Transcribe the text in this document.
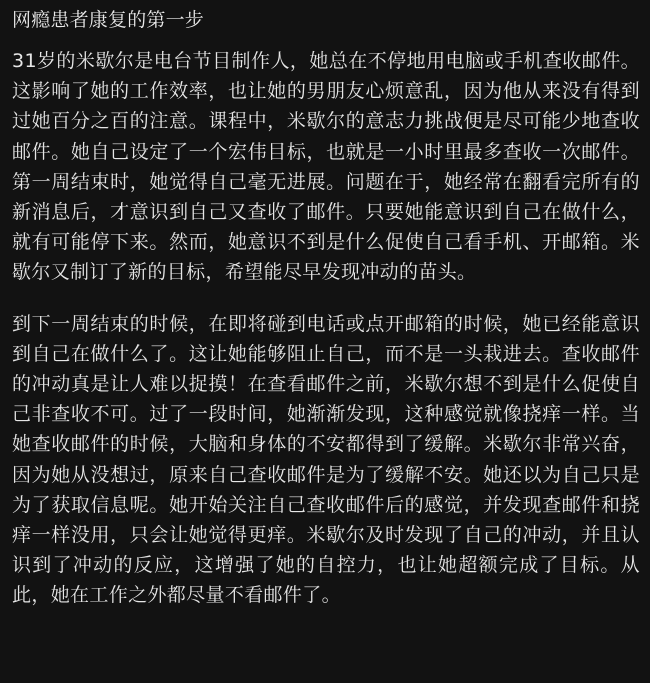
网瘾患者康复的第一步

31岁的米歇尔是电台节目制作人，她总在不停地用电脑或手机查收邮件。这影响了她的工作效率，也让她的男朋友心烦意乱，因为他从来没有得到过她百分之百的注意。课程中，米歇尔的意志力挑战便是尽可能少地查收邮件。她自己设定了一个宏伟目标，也就是一小时里最多查收一次邮件。第一周结束时，她觉得自己毫无进展。问题在于，她经常在翻看完所有的新消息后，才意识到自己又查收了邮件。只要她能意识到自己在做什么，就有可能停下来。然而，她意识不到是什么促使自己看手机、开邮箱。米歇尔又制订了新的目标，希望能尽早发现冲动的苗头。

到下一周结束的时候，在即将碰到电话或点开邮箱的时候，她已经能意识到自己在做什么了。这让她能够阻止自己，而不是一头栽进去。查收邮件的冲动真是让人难以捉摸！在查看邮件之前，米歇尔想不到是什么促使自己非查收不可。过了一段时间，她渐渐发现，这种感觉就像挠痒一样。当她查收邮件的时候，大脑和身体的不安都得到了缓解。米歇尔非常兴奋，因为她从没想过，原来自己查收邮件是为了缓解不安。她还以为自己只是为了获取信息呢。她开始关注自己查收邮件后的感觉，并发现查邮件和挠痒一样没用，只会让她觉得更痒。米歇尔及时发现了自己的冲动，并且认识到了冲动的反应，这增强了她的自控力，也让她超额完成了目标。从此，她在工作之外都尽量不看邮件了。
